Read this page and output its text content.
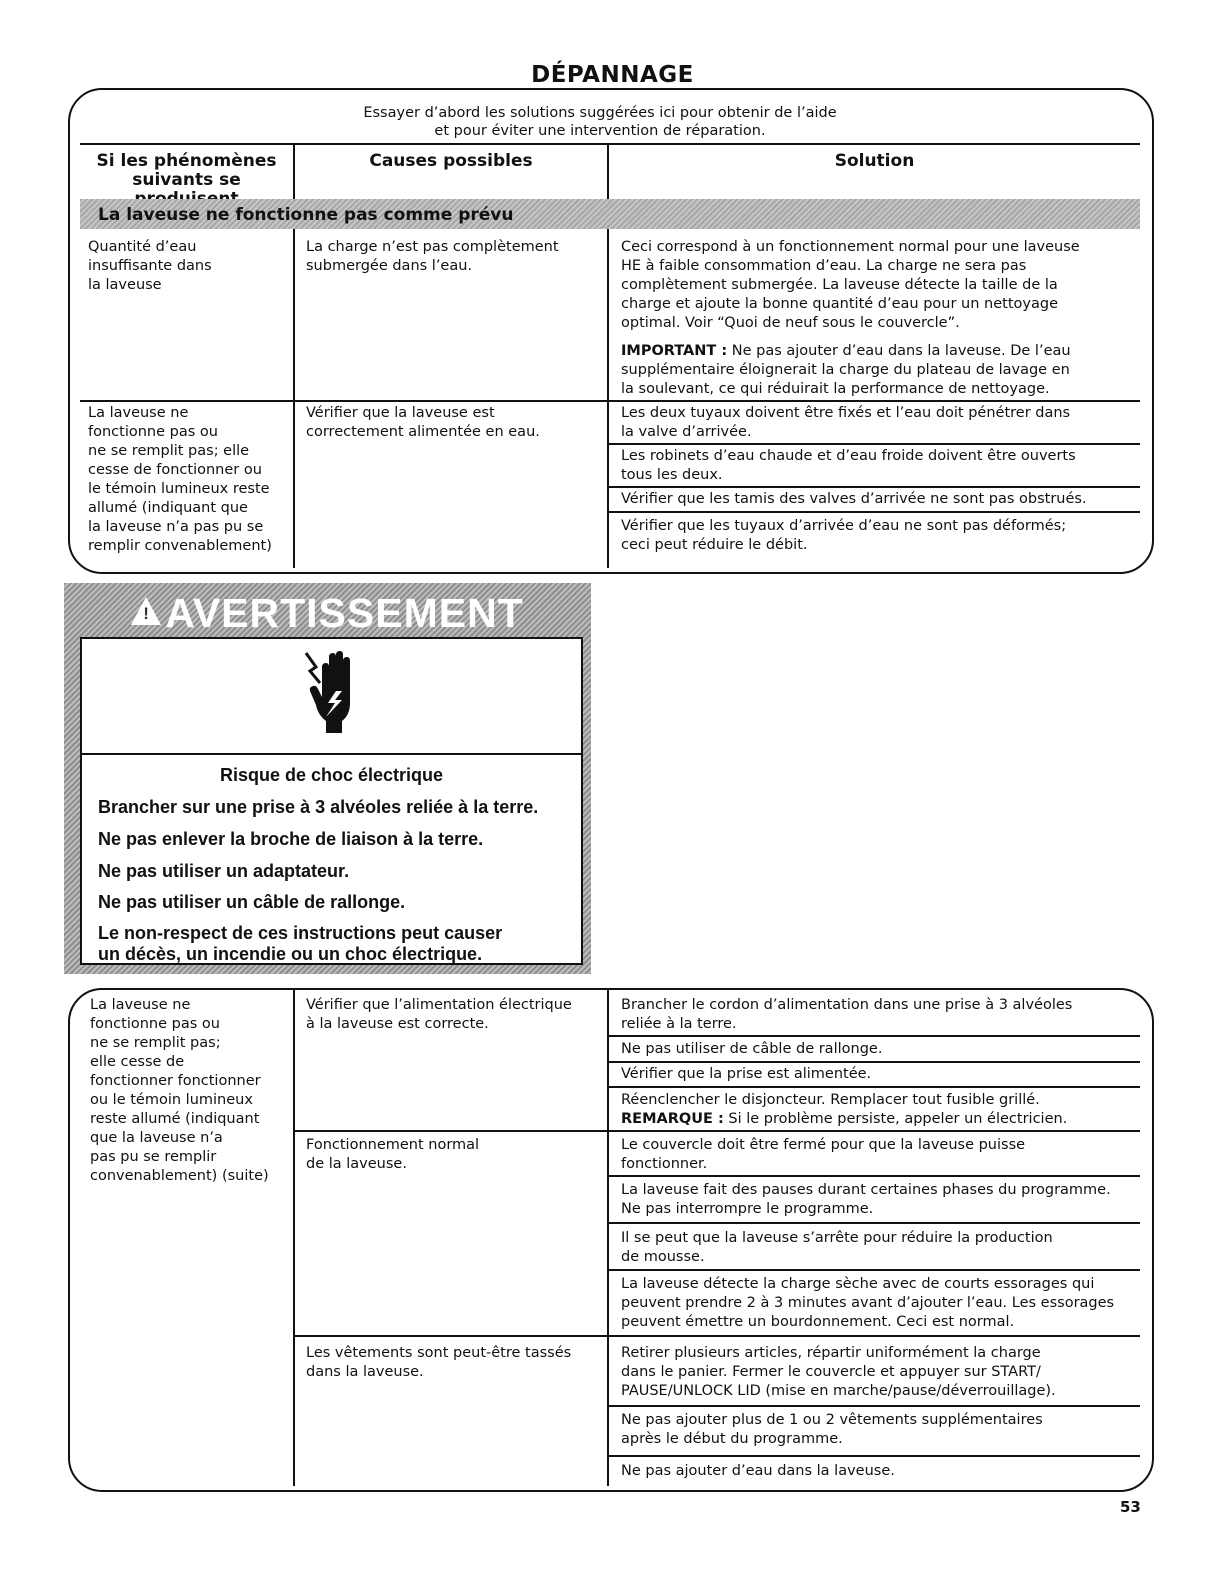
DÉPANNAGE
Essayer d’abord les solutions suggérées ici pour obtenir de l’aide
et pour éviter une intervention de réparation.
Si les phénomènes
suivants se
Causes possibles	Solution
La laveuse ne fonctionne pas comme prévu
Quantité d’eau
insuffisante dans
la laveuse
La charge n’est pas complètement
submergée dans l’eau.
Ceci correspond à un fonctionnement normal pour une laveuse
HE à faible consommation d’eau. La charge ne sera pas
complètement submergée. La laveuse détecte la taille de la
charge et ajoute la bonne quantité d’eau pour un nettoyage
optimal. Voir “Quoi de neuf sous le couvercle”.
IMPORTANT : Ne pas ajouter d’eau dans la laveuse. De l’eau
supplémentaire éloignerait la charge du plateau de lavage en
la soulevant, ce qui réduirait la performance de nettoyage.
La laveuse ne
fonctionne pas ou
ne se remplit pas; elle
cesse de fonctionner ou
le témoin lumineux reste
allumé (indiquant que
la laveuse n’a pas pu se
remplir convenablement)
Vérifier que la laveuse est
correctement alimentée en eau.
Les deux tuyaux doivent être fixés et l’eau doit pénétrer dans
la valve d’arrivée.
Les robinets d’eau chaude et d’eau froide doivent être ouverts
tous les deux.
Vérifier que les tamis des valves d’arrivée ne sont pas obstrués.
Vérifier que les tuyaux d’arrivée d’eau ne sont pas déformés;
ceci peut réduire le débit.
!AVERTISSEMENT
Risque de choc électrique
Brancher sur une prise à 3 alvéoles reliée à la terre.
Ne pas enlever la broche de liaison à la terre.
Ne pas utiliser un adaptateur.
Ne pas utiliser un câble de rallonge.
Le non-respect de ces instructions peut causer
un décès, un incendie ou un choc électrique.
La laveuse ne
fonctionne pas ou
ne se remplit pas;
elle cesse de
fonctionner fonctionner
ou le témoin lumineux
reste allumé (indiquant
que la laveuse n’a
pas pu se remplir
convenablement) (suite)
Vérifier que l’alimentation électrique
à la laveuse est correcte.
Brancher le cordon d’alimentation dans une prise à 3 alvéoles
reliée à la terre.
Ne pas utiliser de câble de rallonge.
Vérifier que la prise est alimentée.
Réenclencher le disjoncteur. Remplacer tout fusible grillé.
REMARQUE : Si le problème persiste, appeler un électricien.
Fonctionnement normal
de la laveuse.
Le couvercle doit être fermé pour que la laveuse puisse
fonctionner.
La laveuse fait des pauses durant certaines phases du programme.
Ne pas interrompre le programme.
Il se peut que la laveuse s’arrête pour réduire la production
de mousse.
La laveuse détecte la charge sèche avec de courts essorages qui
peuvent prendre 2 à 3 minutes avant d’ajouter l’eau. Les essorages
peuvent émettre un bourdonnement. Ceci est normal.
Les vêtements sont peut-être tassés
dans la laveuse.
Retirer plusieurs articles, répartir uniformément la charge
dans le panier. Fermer le couvercle et appuyer sur START/
PAUSE/UNLOCK LID (mise en marche/pause/déverrouillage).
Ne pas ajouter plus de 1 ou 2 vêtements supplémentaires
après le début du programme.
Ne pas ajouter d’eau dans la laveuse.
53
